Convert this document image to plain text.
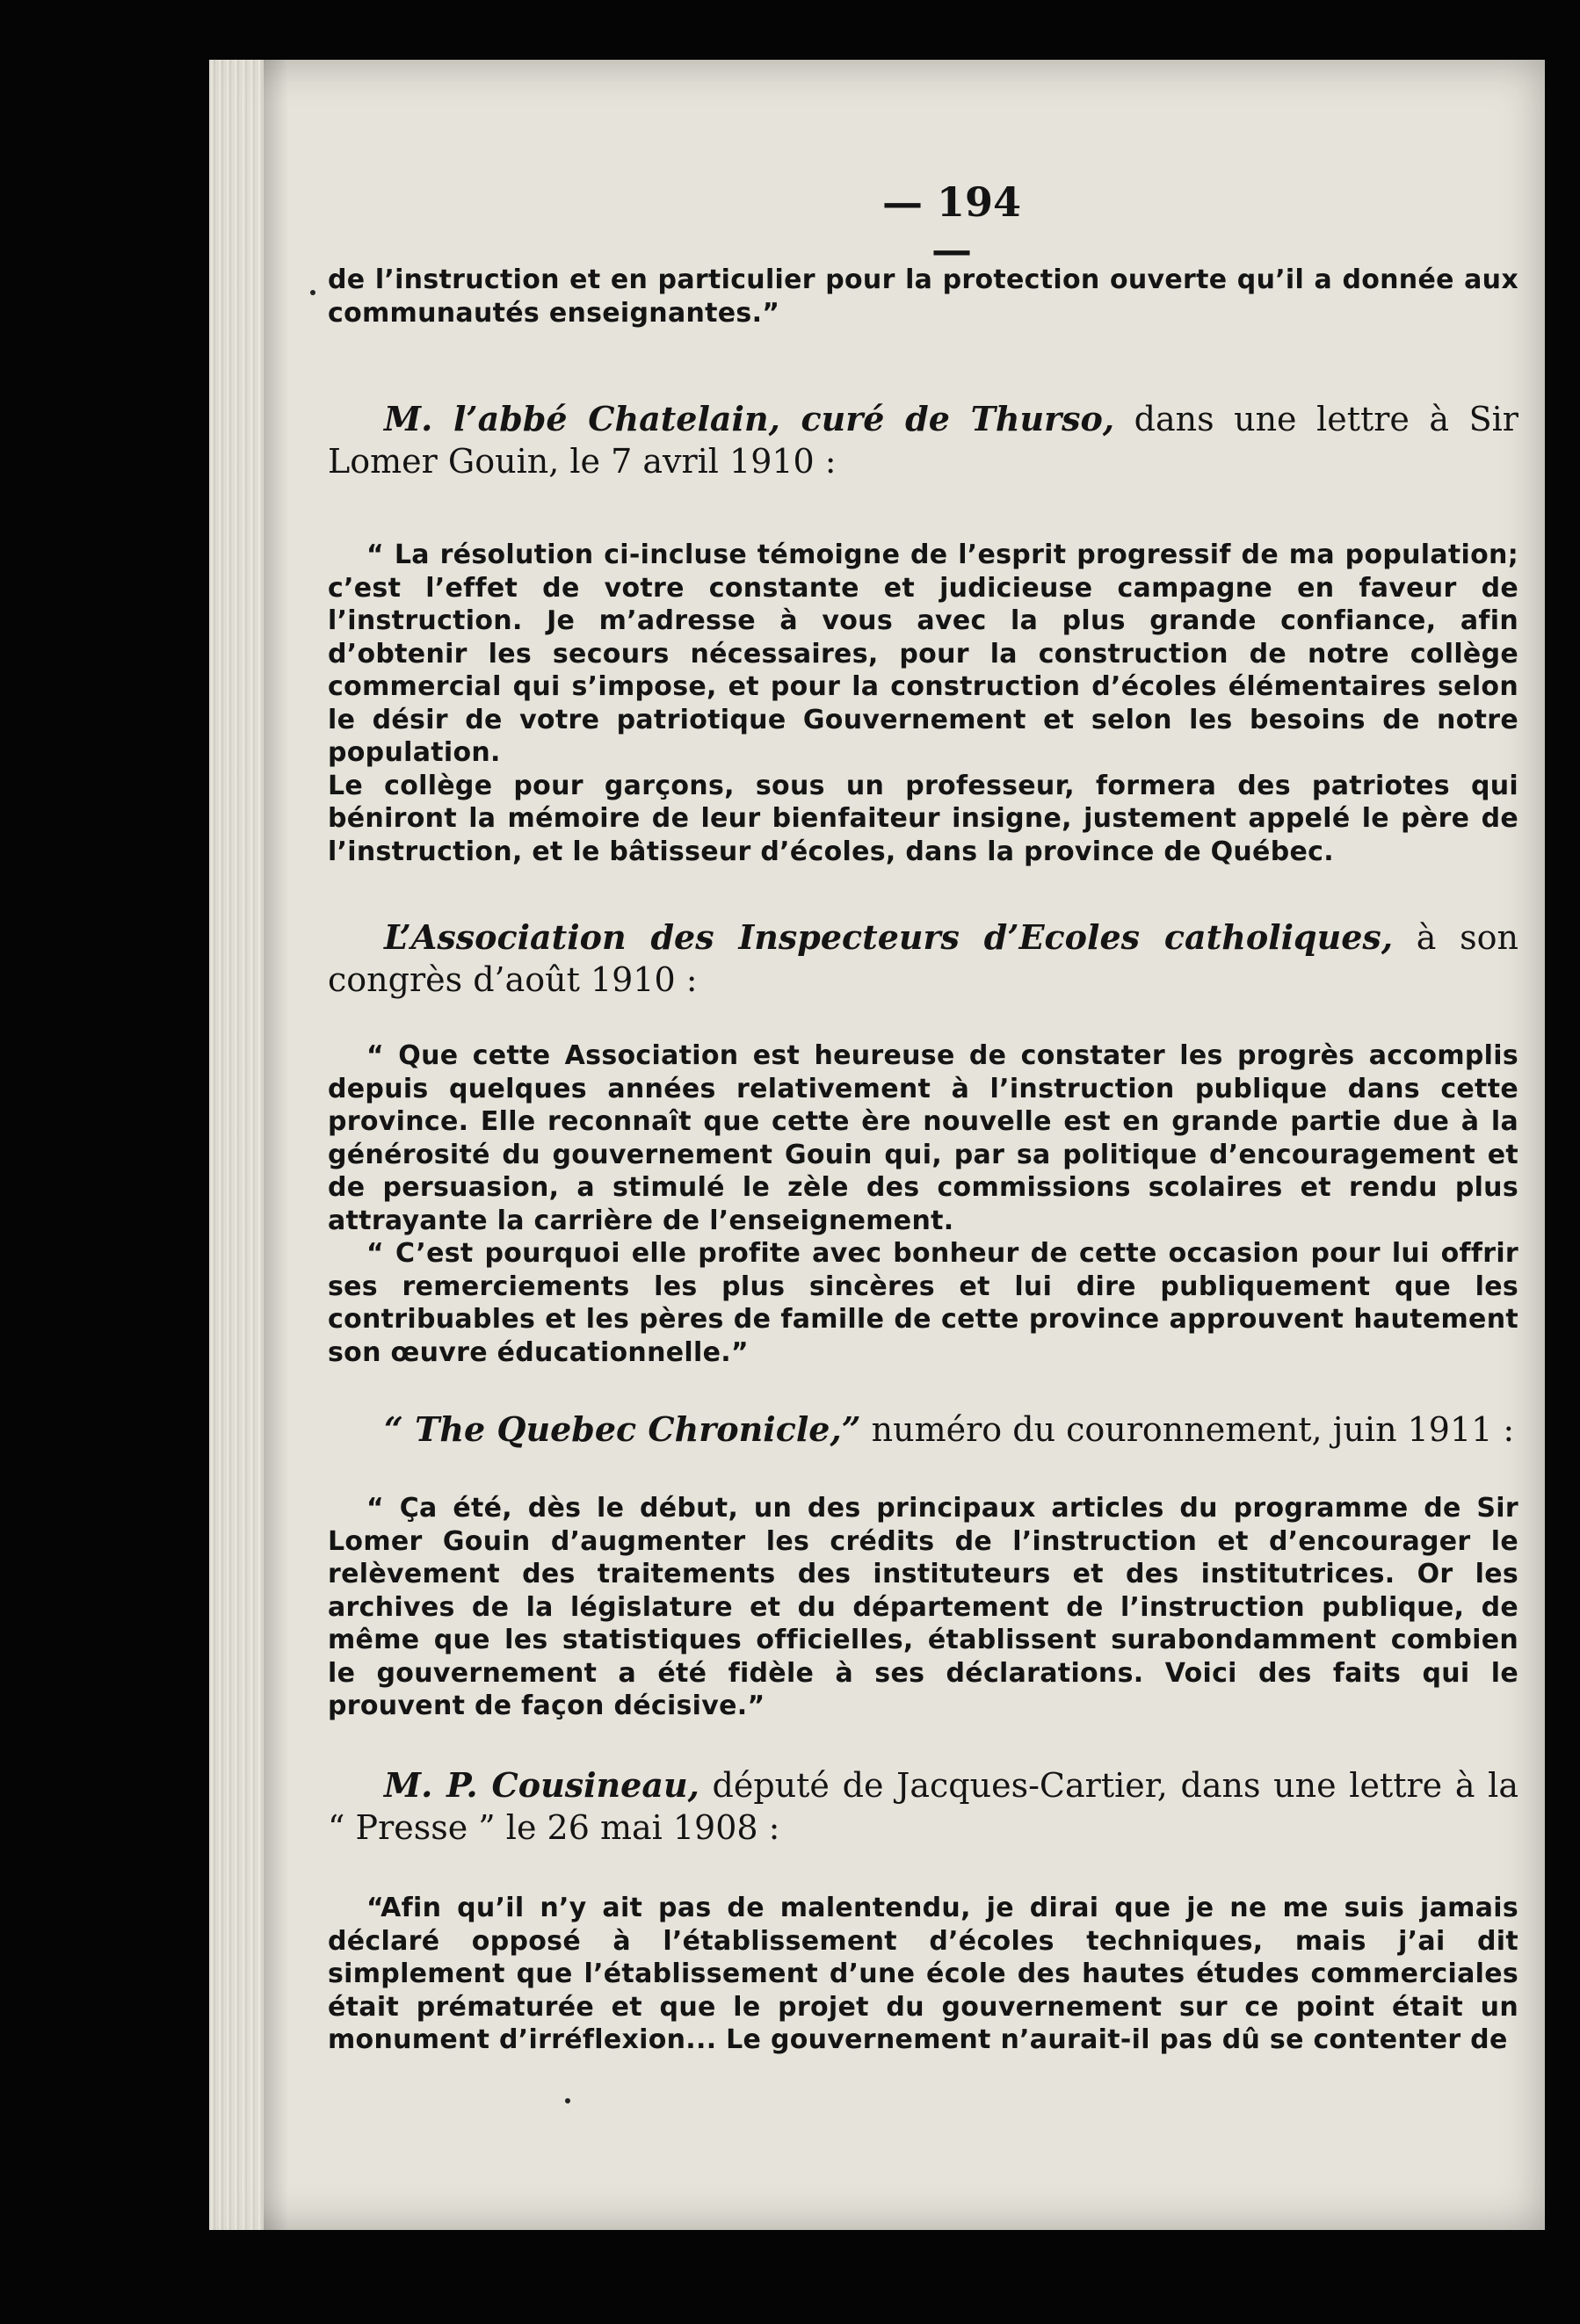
— 194 —

de l’instruction et en particulier pour la protection ouverte qu’il a donnée aux communautés enseignantes.”

M. l’abbé Chatelain, curé de Thurso, dans une lettre à Sir Lomer Gouin, le 7 avril 1910 :

“ La résolution ci-incluse témoigne de l’esprit progressif de ma population; c’est l’effet de votre constante et judicieuse campagne en faveur de l’instruction. Je m’adresse à vous avec la plus grande confiance, afin d’obtenir les secours nécessaires, pour la construction de notre collège commercial qui s’impose, et pour la construction d’écoles élémentaires selon le désir de votre patriotique Gouvernement et selon les besoins de notre population.

Le collège pour garçons, sous un professeur, formera des patriotes qui béniront la mémoire de leur bienfaiteur insigne, justement appelé le père de l’instruction, et le bâtisseur d’écoles, dans la province de Québec.

L’Association des Inspecteurs d’Ecoles catholiques, à son congrès d’août 1910 :

“ Que cette Association est heureuse de constater les progrès accomplis depuis quelques années relativement à l’instruction publique dans cette province. Elle reconnaît que cette ère nouvelle est en grande partie due à la générosité du gouvernement Gouin qui, par sa politique d’encouragement et de persuasion, a stimulé le zèle des commissions scolaires et rendu plus attrayante la carrière de l’enseignement.

“ C’est pourquoi elle profite avec bonheur de cette occasion pour lui offrir ses remerciements les plus sincères et lui dire publiquement que les contribuables et les pères de famille de cette province approuvent hautement son œuvre éducationnelle.”

“ The Quebec Chronicle,” numéro du couronnement, juin 1911 :

“ Ça été, dès le début, un des principaux articles du programme de Sir Lomer Gouin d’augmenter les crédits de l’instruction et d’encourager le relèvement des traitements des instituteurs et des institutrices. Or les archives de la législature et du département de l’instruction publique, de même que les statistiques officielles, établissent surabondamment combien le gouvernement a été fidèle à ses déclarations. Voici des faits qui le prouvent de façon décisive.”

M. P. Cousineau, député de Jacques-Cartier, dans une lettre à la “ Presse ” le 26 mai 1908 :

“Afin qu’il n’y ait pas de malentendu, je dirai que je ne me suis jamais déclaré opposé à l’établissement d’écoles techniques, mais j’ai dit simplement que l’établissement d’une école des hautes études commerciales était prématurée et que le projet du gouvernement sur ce point était un monument d’irréflexion... Le gouvernement n’aurait-il pas dû se contenter de
